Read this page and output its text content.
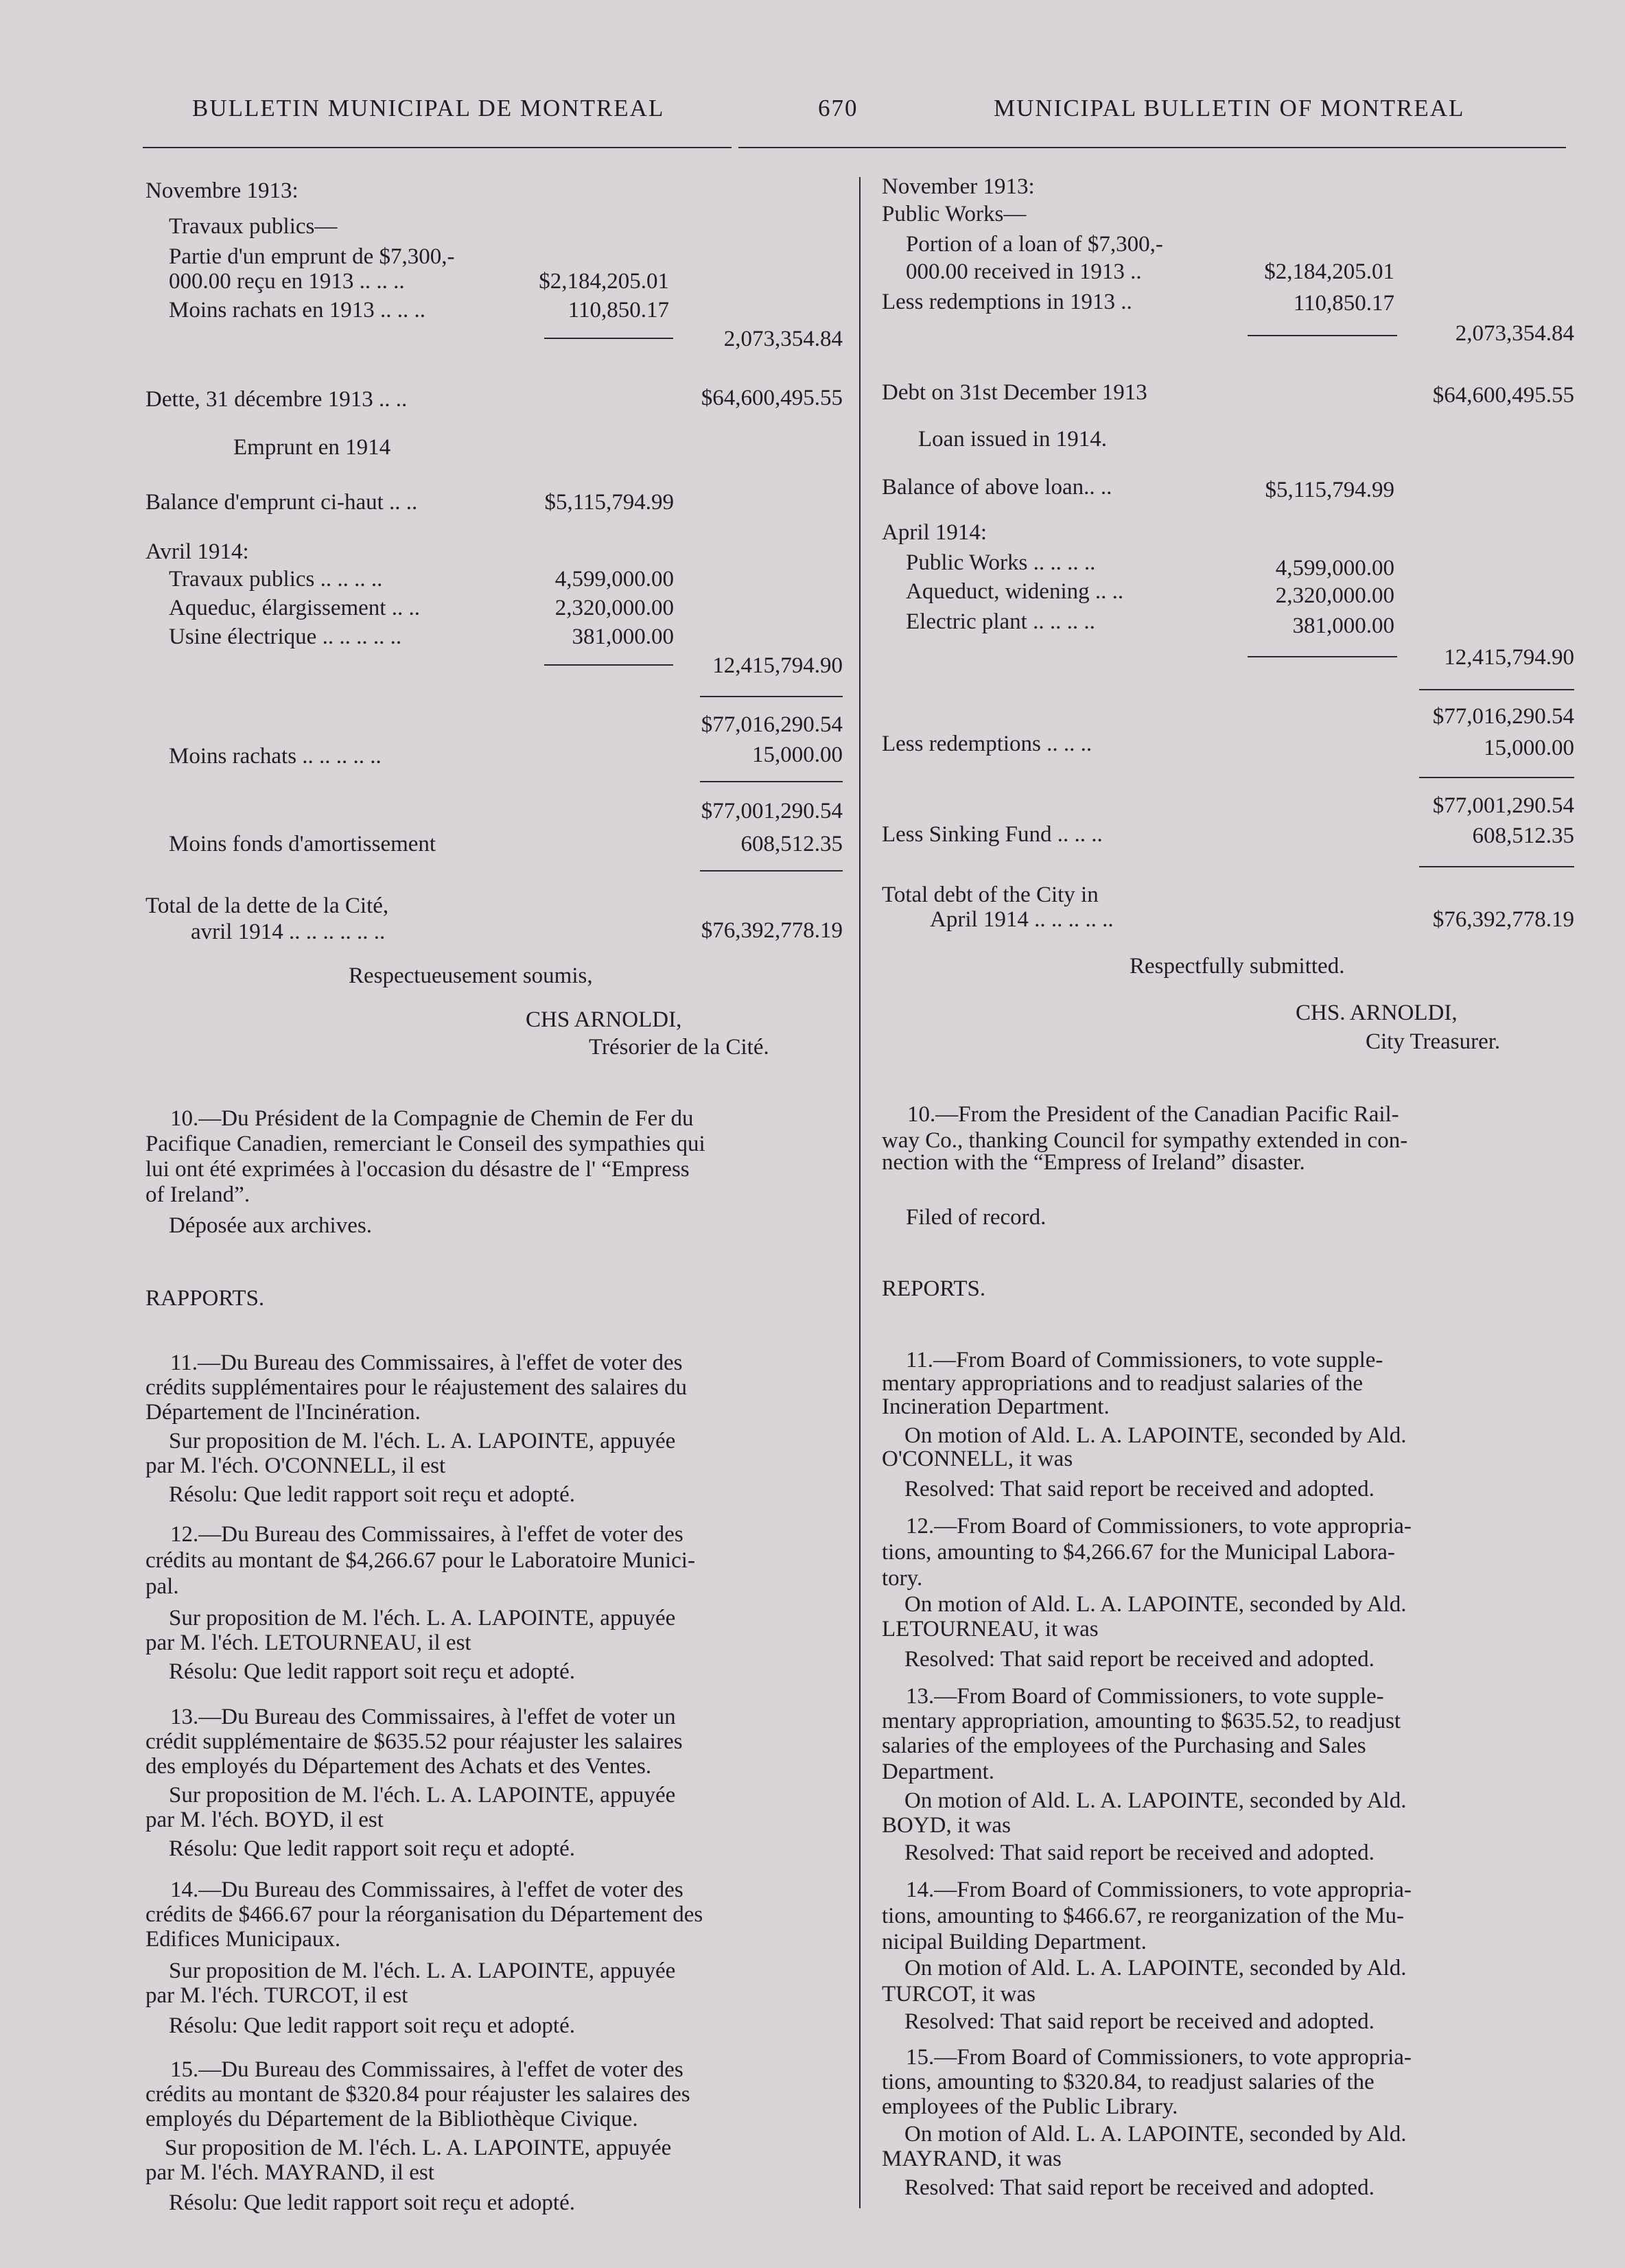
BULLETIN MUNICIPAL DE MONTREAL	670	MUNICIPAL BULLETIN OF MONTREAL
Novembre 1913:
Travaux publics—
Partie d'un emprunt de $7,300,-
000.00 reçu en 1913 .. .. ..	$2,184,205.01
Moins rachats en 1913 .. .. ..	110,850.17
2,073,354.84
Dette, 31 décembre 1913 .. ..	$64,600,495.55
Emprunt en 1914
Balance d'emprunt ci-haut .. ..	$5,115,794.99
Avril 1914:
Travaux publics .. .. .. ..	4,599,000.00
Aqueduc, élargissement .. ..	2,320,000.00
Usine électrique .. .. .. .. ..	381,000.00
12,415,794.90
$77,016,290.54
Moins rachats .. .. .. .. ..	15,000.00
$77,001,290.54
Moins fonds d'amortissement	608,512.35
Total de la dette de la Cité,
avril 1914 .. .. .. .. .. ..	$76,392,778.19
Respectueusement soumis,
CHS ARNOLDI,
Trésorier de la Cité.
10.—Du Président de la Compagnie de Chemin de Fer du
Pacifique Canadien, remerciant le Conseil des sympathies qui
lui ont été exprimées à l'occasion du désastre de l' “Empress
of Ireland”.
Déposée aux archives.
RAPPORTS.
11.—Du Bureau des Commissaires, à l'effet de voter des
crédits supplémentaires pour le réajustement des salaires du
Département de l'Incinération.
Sur proposition de M. l'éch. L. A. LAPOINTE, appuyée
par M. l'éch. O'CONNELL, il est
Résolu: Que ledit rapport soit reçu et adopté.
12.—Du Bureau des Commissaires, à l'effet de voter des
crédits au montant de $4,266.67 pour le Laboratoire Munici-
pal.
Sur proposition de M. l'éch. L. A. LAPOINTE, appuyée
par M. l'éch. LETOURNEAU, il est
Résolu: Que ledit rapport soit reçu et adopté.
13.—Du Bureau des Commissaires, à l'effet de voter un
crédit supplémentaire de $635.52 pour réajuster les salaires
des employés du Département des Achats et des Ventes.
Sur proposition de M. l'éch. L. A. LAPOINTE, appuyée
par M. l'éch. BOYD, il est
Résolu: Que ledit rapport soit reçu et adopté.
14.—Du Bureau des Commissaires, à l'effet de voter des
crédits de $466.67 pour la réorganisation du Département des
Edifices Municipaux.
Sur proposition de M. l'éch. L. A. LAPOINTE, appuyée
par M. l'éch. TURCOT, il est
Résolu: Que ledit rapport soit reçu et adopté.
15.—Du Bureau des Commissaires, à l'effet de voter des
crédits au montant de $320.84 pour réajuster les salaires des
employés du Département de la Bibliothèque Civique.
Sur proposition de M. l'éch. L. A. LAPOINTE, appuyée
par M. l'éch. MAYRAND, il est
Résolu: Que ledit rapport soit reçu et adopté.
November 1913:
Public Works—
Portion of a loan of $7,300,-
000.00 received in 1913 ..	$2,184,205.01
Less redemptions in 1913 ..	110,850.17
2,073,354.84
Debt on 31st December 1913	$64,600,495.55
Loan issued in 1914.
Balance of above loan.. ..	$5,115,794.99
April 1914:
Public Works .. .. .. ..	4,599,000.00
Aqueduct, widening .. ..	2,320,000.00
Electric plant .. .. .. ..	381,000.00
12,415,794.90
$77,016,290.54
Less redemptions .. .. ..	15,000.00
$77,001,290.54
Less Sinking Fund .. .. ..	608,512.35
Total debt of the City in
April 1914 .. .. .. .. ..	$76,392,778.19
Respectfully submitted.
CHS. ARNOLDI,
City Treasurer.
10.—From the President of the Canadian Pacific Rail-
way Co., thanking Council for sympathy extended in con-
nection with the “Empress of Ireland” disaster.
Filed of record.
REPORTS.
11.—From Board of Commissioners, to vote supple-
mentary appropriations and to readjust salaries of the
Incineration Department.
On motion of Ald. L. A. LAPOINTE, seconded by Ald.
O'CONNELL, it was
Resolved: That said report be received and adopted.
12.—From Board of Commissioners, to vote appropria-
tions, amounting to $4,266.67 for the Municipal Labora-
tory.
On motion of Ald. L. A. LAPOINTE, seconded by Ald.
LETOURNEAU, it was
Resolved: That said report be received and adopted.
13.—From Board of Commissioners, to vote supple-
mentary appropriation, amounting to $635.52, to readjust
salaries of the employees of the Purchasing and Sales
Department.
On motion of Ald. L. A. LAPOINTE, seconded by Ald.
BOYD, it was
Resolved: That said report be received and adopted.
14.—From Board of Commissioners, to vote appropria-
tions, amounting to $466.67, re reorganization of the Mu-
nicipal Building Department.
On motion of Ald. L. A. LAPOINTE, seconded by Ald.
TURCOT, it was
Resolved: That said report be received and adopted.
15.—From Board of Commissioners, to vote appropria-
tions, amounting to $320.84, to readjust salaries of the
employees of the Public Library.
On motion of Ald. L. A. LAPOINTE, seconded by Ald.
MAYRAND, it was
Resolved: That said report be received and adopted.
